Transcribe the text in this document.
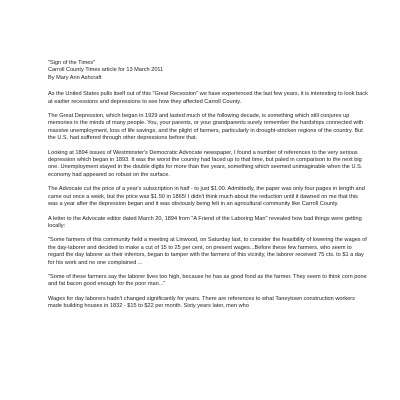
"Sign of the Times"

Carroll County Times article for 13 March 2011

By Mary Ann Ashcraft

As the United States pulls itself out of this "Great Recession" we have experienced the last few years, it is interesting to look back at earlier recessions and depressions to see how they affected Carroll County.

The Great Depression, which began in 1929 and lasted much of the following decade, is something which still conjures up memories in the minds of many people. You, your parents, or your grandparents surely remember the hardships connected with massive unemployment, loss of life savings, and the plight of farmers, particularly in drought-stricken regions of the country. But the U.S. had suffered through other depressions before that.

Looking at 1894 issues of Westminster's Democratic Advocate newspaper, I found a number of references to the very serious depression which began in 1893. It was the worst the country had faced up to that time, but paled in comparison to the next big one. Unemployment stayed in the double digits for more than five years, something which seemed unimaginable when the U.S. economy had appeared so robust on the surface.

The Advocate cut the price of a year's subscription in half - to just $1.00. Admittedly, the paper was only four pages in length and came out once a week, but the price was $1.50 in 1865! I didn't think much about the reduction until it dawned on me that this was a year after the depression began and it was obviously being felt in an agricultural community like Carroll County.

A letter to the Advocate editor dated March 20, 1894 from "A Friend of the Laboring Man" revealed how bad things were getting locally:

"Some farmers of this community held a meeting at Linwood, on Saturday last, to consider the feasibility of lowering the wages of the day-laborer and decided to make a cut of 15 to 25 per cent, on present wages...Before these few farmers, who seem to regard the day laborer as their inferiors, began to tamper with the farmers of this vicinity, the laborer received 75 cts. to $1 a day for his work and no one complained ...

"Some of these farmers say the laborer lives too high, because he has as good food as the farmer. They seem to think corn pone and fat bacon good enough for the poor man..."

Wages for day laborers hadn't changed significantly for years. There are references to what Taneytown construction workers made building houses in 1832 - $15 to $22 per month. Sixty years later, men who
